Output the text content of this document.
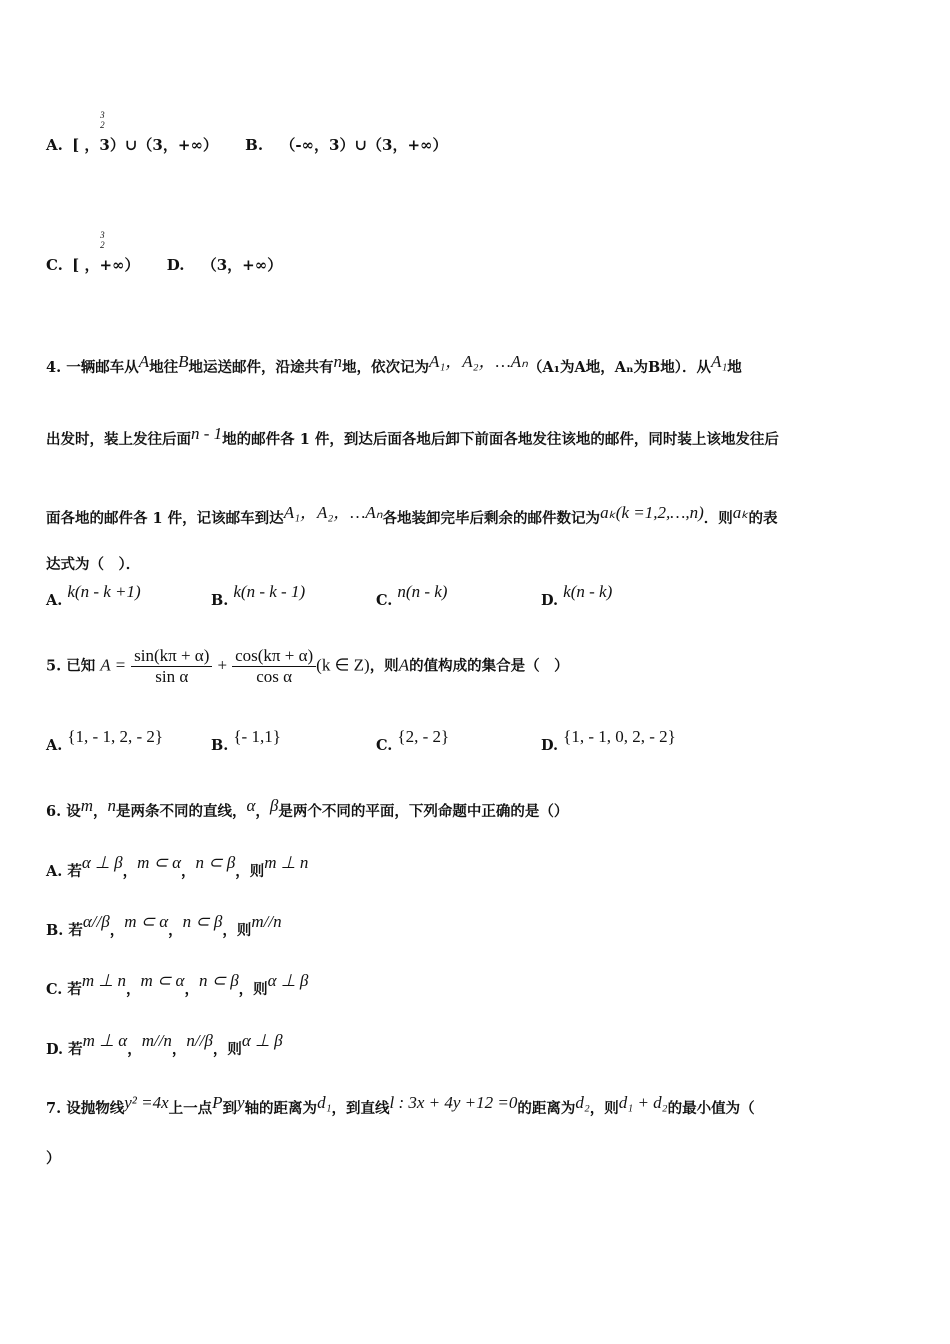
A.
3
2
[ ，3）∪（3，+∞） B. （-∞，3）∪（3，+∞）
C.
3
2
[ ，+∞） D. （3，+∞）
4. 一辆邮车从A地往B地运送邮件，沿途共有n地，依次记为A₁，A₂，…Aₙ（A₁为A地，Aₙ为B地）．从A₁地
出发时，装上发往后面n - 1地的邮件各 1 件，到达后面各地后卸下前面各地发往该地的邮件，同时装上该地发往后
面各地的邮件各 1 件，记该邮车到达A₁，A₂，…Aₙ各地装卸完毕后剩余的邮件数记为aₖ(k =1,2,…,n)．则aₖ的表
达式为（　）．
A. k(n - k +1)	B. k(n - k - 1)	C. n(n - k)	D. k(n - k)
5. 已知 $A = \frac{\sin(k\pi + \alpha)}{\text{sin α}} + \frac{\cos(k\pi + \alpha)}{\text{cos α}} (k$ ∈ Z)，则A的值构成的集合是（　）
A. {1, - 1, 2, - 2}	B. {- 1,1}	C. {2, - 2}	D. {1, - 1, 0, 2, - 2}
6. 设m，n是两条不同的直线，α，β是两个不同的平面，下列命题中正确的是（）
A. 若α ⊥ β，m ⊂ α，n ⊂ β，则m ⊥ n
B. 若α//β，m ⊂ α，n ⊂ β，则m//n
C. 若m ⊥ n，m ⊂ α，n ⊂ β，则α ⊥ β
D. 若m ⊥ α，m//n，n//β，则α ⊥ β
7. 设抛物线y² =4x上一点P到y轴的距离为d₁，到直线l : 3x + 4y +12 =0的距离为d₂，则d₁ + d₂的最小值为（
）
